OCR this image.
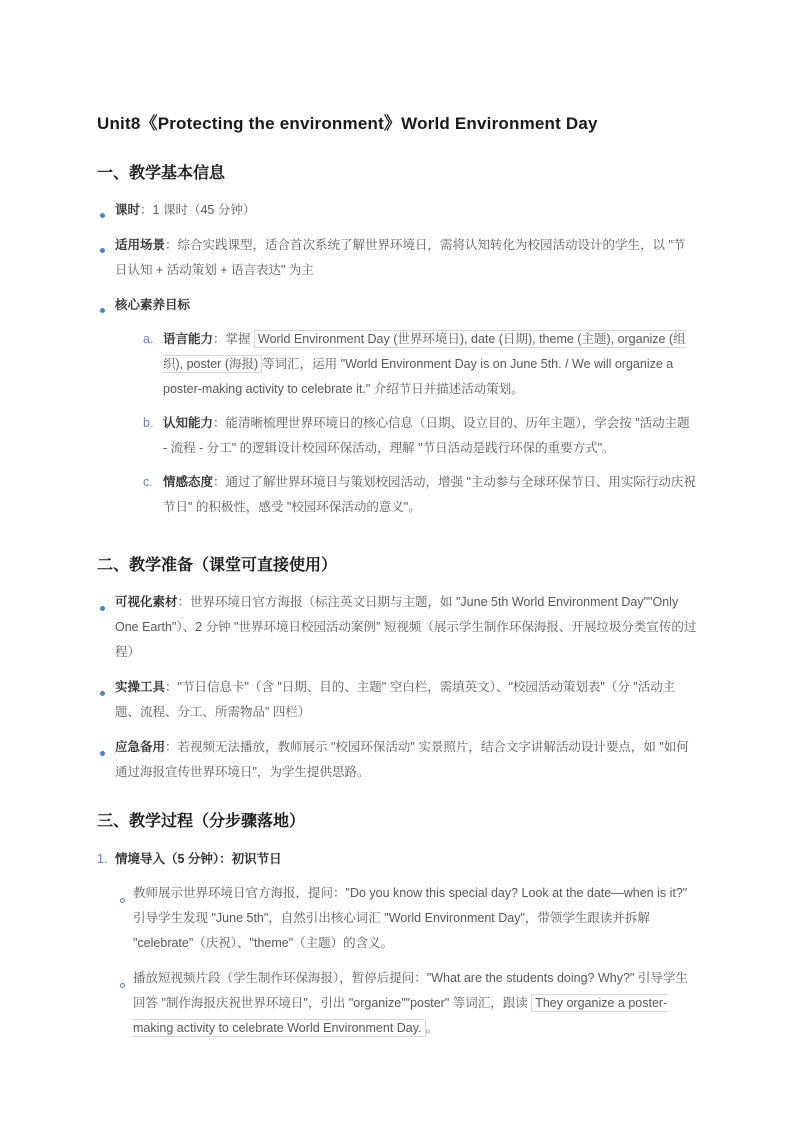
Unit8《Protecting the environment》World Environment Day
一、教学基本信息

课时：1 课时（45 分钟）

适用场景：综合实践课型，适合首次系统了解世界环境日，需将认知转化为校园活动设计的学生，以 "节日认知 + 活动策划 + 语言表达" 为主

核心素养目标

a. 语言能力：掌握 World Environment Day (世界环境日), date (日期), theme (主题), organize (组织), poster (海报) 等词汇，运用 "World Environment Day is on June 5th. / We will organize a poster-making activity to celebrate it." 介绍节日并描述活动策划。

b. 认知能力：能清晰梳理世界环境日的核心信息（日期、设立目的、历年主题），学会按 "活动主题 - 流程 - 分工" 的逻辑设计校园环保活动，理解 "节日活动是践行环保的重要方式"。

c. 情感态度：通过了解世界环境日与策划校园活动，增强 "主动参与全球环保节日、用实际行动庆祝节日" 的积极性，感受 "校园环保活动的意义"。

二、教学准备（课堂可直接使用）

可视化素材：世界环境日官方海报（标注英文日期与主题，如 "June 5th World Environment Day""Only One Earth"）、2 分钟 "世界环境日校园活动案例" 短视频（展示学生制作环保海报、开展垃圾分类宣传的过程）

实操工具："节日信息卡"（含 "日期、目的、主题" 空白栏，需填英文）、"校园活动策划表"（分 "活动主题、流程、分工、所需物品" 四栏）

应急备用：若视频无法播放，教师展示 "校园环保活动" 实景照片，结合文字讲解活动设计要点，如 "如何通过海报宣传世界环境日"，为学生提供思路。

三、教学过程（分步骤落地）
1. 情境导入（5 分钟）：初识节日

教师展示世界环境日官方海报，提问："Do you know this special day? Look at the date—when is it?" 引导学生发现 "June 5th"，自然引出核心词汇 "World Environment Day"，带领学生跟读并拆解 "celebrate"（庆祝）、"theme"（主题）的含义。

播放短视频片段（学生制作环保海报），暂停后提问："What are the students doing? Why?" 引导学生回答 "制作海报庆祝世界环境日"，引出 "organize""poster" 等词汇，跟读 They organize a poster-making activity to celebrate World Environment Day. 。
